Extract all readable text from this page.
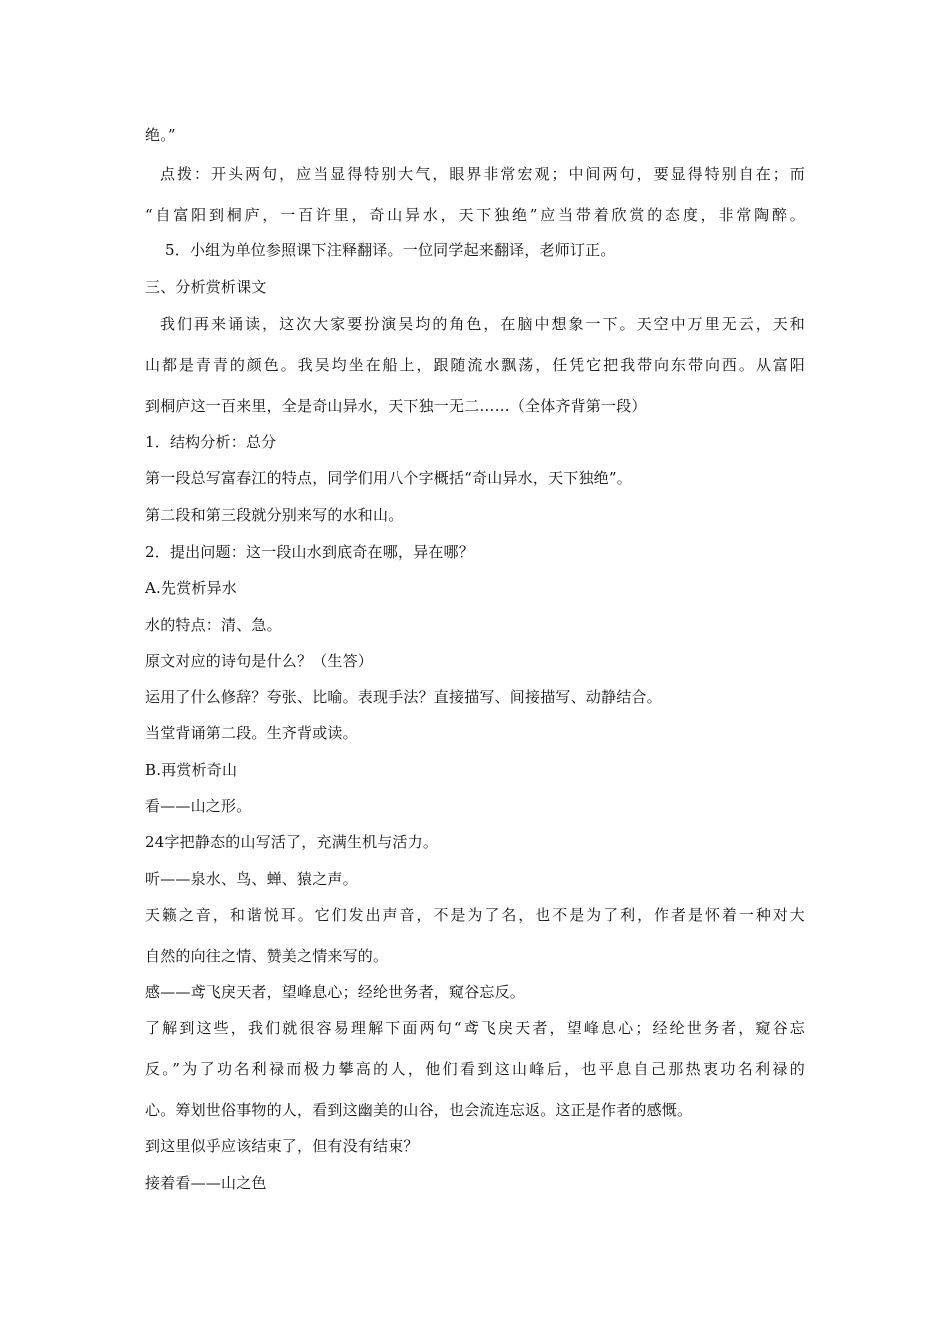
绝。”
点拨：开头两句，应当显得特别大气，眼界非常宏观；中间两句，要显得特别自在；而
“自富阳到桐庐，一百许里，奇山异水，天下独绝”应当带着欣赏的态度，非常陶醉。
5．小组为单位参照课下注释翻译。一位同学起来翻译，老师订正。
三、分析赏析课文
我们再来诵读，这次大家要扮演吴均的角色，在脑中想象一下。天空中万里无云，天和
山都是青青的颜色。我吴均坐在船上，跟随流水飘荡，任凭它把我带向东带向西。从富阳
到桐庐这一百来里，全是奇山异水，天下独一无二……（全体齐背第一段）
1．结构分析：总分
第一段总写富春江的特点，同学们用八个字概括“奇山异水，天下独绝”。
第二段和第三段就分别来写的水和山。
2．提出问题：这一段山水到底奇在哪，异在哪？
A.先赏析异水
水的特点：清、急。
原文对应的诗句是什么？（生答）
运用了什么修辞？夸张、比喻。表现手法？直接描写、间接描写、动静结合。
当堂背诵第二段。生齐背或读。
B.再赏析奇山
看——山之形。
24字把静态的山写活了，充满生机与活力。
听——泉水、鸟、蝉、猿之声。
天籁之音，和谐悦耳。它们发出声音，不是为了名，也不是为了利，作者是怀着一种对大
自然的向往之情、赞美之情来写的。
感——鸢飞戾天者，望峰息心；经纶世务者，窥谷忘反。
了解到这些，我们就很容易理解下面两句“鸢飞戾天者，望峰息心；经纶世务者，窥谷忘
反。”为了功名利禄而极力攀高的人，他们看到这山峰后，也平息自己那热衷功名利禄的
心。筹划世俗事物的人，看到这幽美的山谷，也会流连忘返。这正是作者的感慨。
到这里似乎应该结束了，但有没有结束？
接着看——山之色
